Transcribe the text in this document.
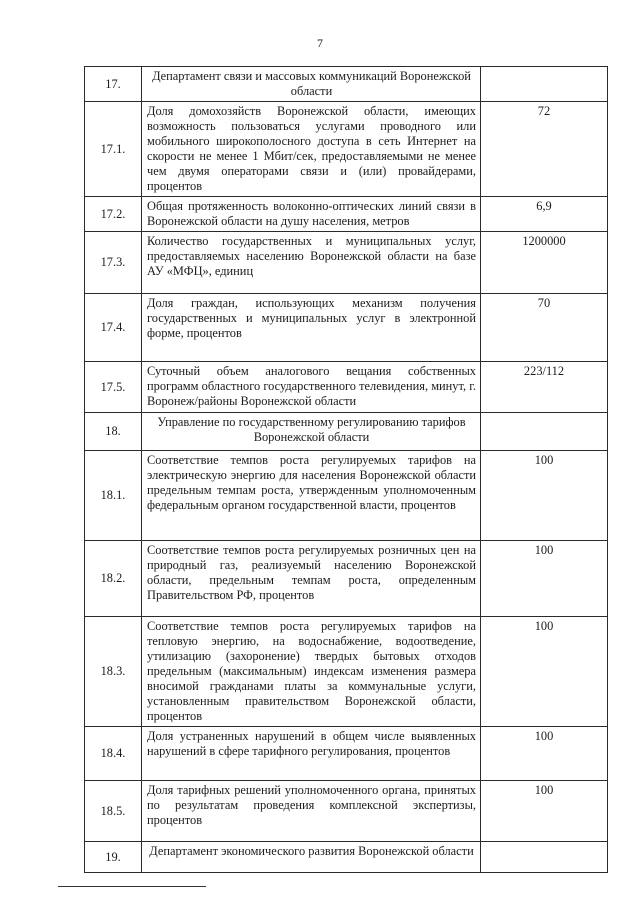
7
17.	Департамент связи и массовых коммуникаций Воронежской области	
17.1.	Доля домохозяйств Воронежской области, имеющих возможность пользоваться услугами проводного или мобильного широкополосного доступа в сеть Интернет на скорости не менее 1 Мбит/сек, предоставляемыми не менее чем двумя операторами связи и (или) провайдерами, процентов	72
17.2.	Общая протяженность волоконно-оптических линий связи в Воронежской области на душу населения, метров	6,9
17.3.	Количество государственных и муниципальных услуг, предоставляемых населению Воронежской области на базе АУ «МФЦ», единиц	1200000
17.4.	Доля граждан, использующих механизм получения государственных и муниципальных услуг в электронной форме, процентов	70
17.5.	Суточный объем аналогового вещания собственных программ областного государственного телевидения, минут, г. Воронеж/районы Воронежской области	223/112
18.	Управление по государственному регулированию тарифов Воронежской области	
18.1.	Соответствие темпов роста регулируемых тарифов на электрическую энергию для населения Воронежской области предельным темпам роста, утвержденным уполномоченным федеральным органом государственной власти, процентов	100
18.2.	Соответствие темпов роста регулируемых розничных цен на природный газ, реализуемый населению Воронежской области, предельным темпам роста, определенным Правительством РФ, процентов	100
18.3.	Соответствие темпов роста регулируемых тарифов на тепловую энергию, на водоснабжение, водоотведение, утилизацию (захоронение) твердых бытовых отходов предельным (максимальным) индексам изменения размера вносимой гражданами платы за коммунальные услуги, установленным правительством Воронежской области, процентов	100
18.4.	Доля устраненных нарушений в общем числе выявленных нарушений в сфере тарифного регулирования, процентов	100
18.5.	Доля тарифных решений уполномоченного органа, принятых по результатам проведения комплексной экспертизы, процентов	100
19.	Департамент экономического развития Воронежской области	
